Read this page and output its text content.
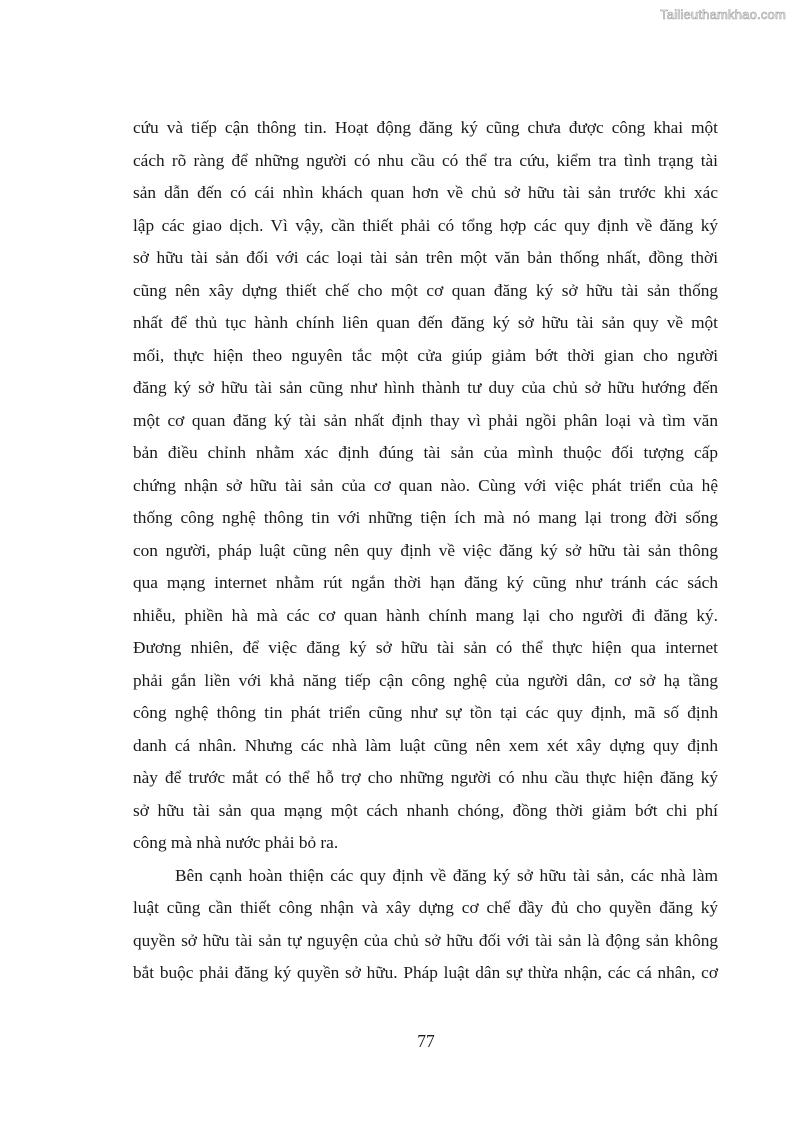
Tailieuthamkhao.com
cứu và tiếp cận thông tin. Hoạt động đăng ký cũng chưa được công khai một
cách rõ ràng để những người có nhu cầu có thể tra cứu, kiểm tra tình trạng tài
sản dẫn đến có cái nhìn khách quan hơn về chủ sở hữu tài sản trước khi xác
lập các giao dịch. Vì vậy, cần thiết phải có tổng hợp các quy định về đăng ký
sở hữu tài sản đối với các loại tài sản trên một văn bản thống nhất, đồng thời
cũng nên xây dựng thiết chế cho một cơ quan đăng ký sở hữu tài sản thống
nhất để thủ tục hành chính liên quan đến đăng ký sở hữu tài sản quy về một
mối, thực hiện theo nguyên tắc một cửa giúp giảm bớt thời gian cho người
đăng ký sở hữu tài sản cũng như hình thành tư duy của chủ sở hữu hướng đến
một cơ quan đăng ký tài sản nhất định thay vì phải ngồi phân loại và tìm văn
bản điều chỉnh nhằm xác định đúng tài sản của mình thuộc đối tượng cấp
chứng nhận sở hữu tài sản của cơ quan nào. Cùng với việc phát triển của hệ
thống công nghệ thông tin với những tiện ích mà nó mang lại trong đời sống
con người, pháp luật cũng nên quy định về việc đăng ký sở hữu tài sản thông
qua mạng internet nhằm rút ngắn thời hạn đăng ký cũng như tránh các sách
nhiễu, phiền hà mà các cơ quan hành chính mang lại cho người đi đăng ký.
Đương nhiên, để việc đăng ký sở hữu tài sản có thể thực hiện qua internet
phải gắn liền với khả năng tiếp cận công nghệ của người dân, cơ sở hạ tầng
công nghệ thông tin phát triển cũng như sự tồn tại các quy định, mã số định
danh cá nhân. Nhưng các nhà làm luật cũng nên xem xét xây dựng quy định
này để trước mắt có thể hỗ trợ cho những người có nhu cầu thực hiện đăng ký
sở hữu tài sản qua mạng một cách nhanh chóng, đồng thời giảm bớt chi phí
công mà nhà nước phải bỏ ra.
Bên cạnh hoàn thiện các quy định về đăng ký sở hữu tài sản, các nhà làm
luật cũng cần thiết công nhận và xây dựng cơ chế đầy đủ cho quyền đăng ký
quyền sở hữu tài sản tự nguyện của chủ sở hữu đối với tài sản là động sản không
bắt buộc phải đăng ký quyền sở hữu. Pháp luật dân sự thừa nhận, các cá nhân, cơ
77
